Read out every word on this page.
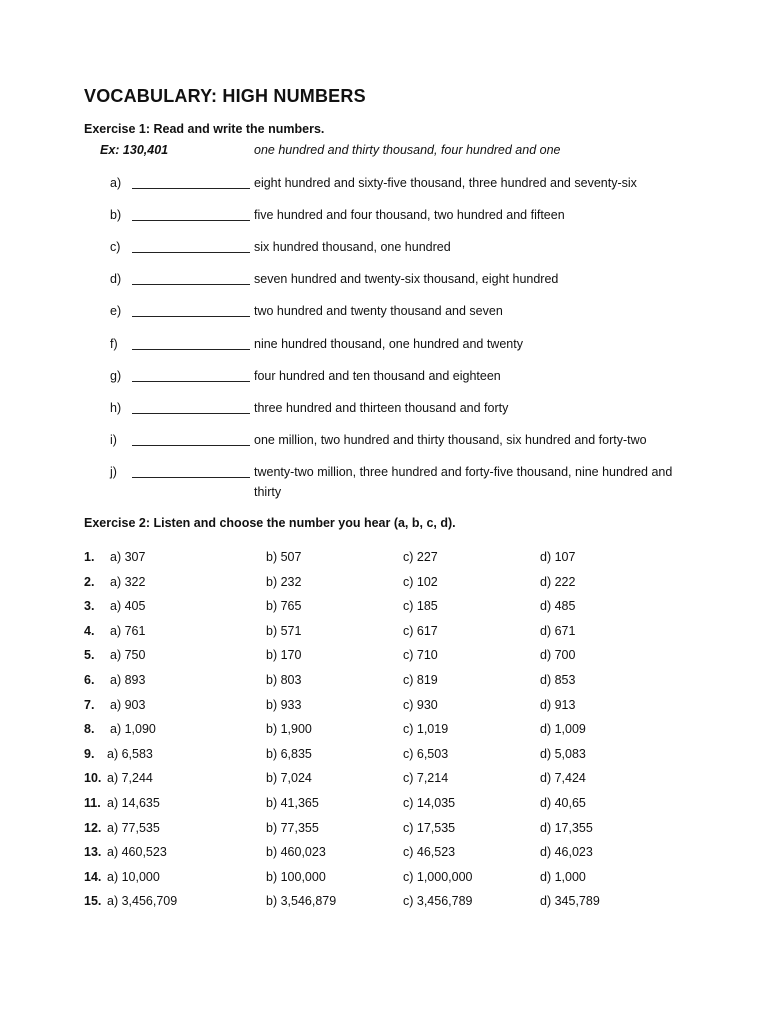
VOCABULARY: HIGH NUMBERS

Exercise 1: Read and write the numbers.

Ex: 130,401	one hundred and thirty thousand, four hundred and one
a)	eight hundred and sixty-five thousand, three hundred and seventy-six
b)	five hundred and four thousand, two hundred and fifteen
c)	six hundred thousand, one hundred
d)	seven hundred and twenty-six thousand, eight hundred
e)	two hundred and twenty thousand and seven
f)	nine hundred thousand, one hundred and twenty
g)	four hundred and ten thousand and eighteen
h)	three hundred and thirteen thousand and forty
i)	one million, two hundred and thirty thousand, six hundred and forty-two
j)	twenty-two million, three hundred and forty-five thousand, nine hundred and thirty

Exercise 2: Listen and choose the number you hear (a, b, c, d).

1. a) 307	b) 507	c) 227	d) 107
2. a) 322	b) 232	c) 102	d) 222
3. a) 405	b) 765	c) 185	d) 485
4. a) 761	b) 571	c) 617	d) 671
5. a) 750	b) 170	c) 710	d) 700
6. a) 893	b) 803	c) 819	d) 853
7. a) 903	b) 933	c) 930	d) 913
8. a) 1,090	b) 1,900	c) 1,019	d) 1,009
9. a) 6,583	b) 6,835	c) 6,503	d) 5,083
10. a) 7,244	b) 7,024	c) 7,214	d) 7,424
11. a) 14,635	b) 41,365	c) 14,035	d) 40,65
12. a) 77,535	b) 77,355	c) 17,535	d) 17,355
13. a) 460,523	b) 460,023	c) 46,523	d) 46,023
14. a) 10,000	b) 100,000	c) 1,000,000	d) 1,000
15. a) 3,456,709	b) 3,546,879	c) 3,456,789	d) 345,789
